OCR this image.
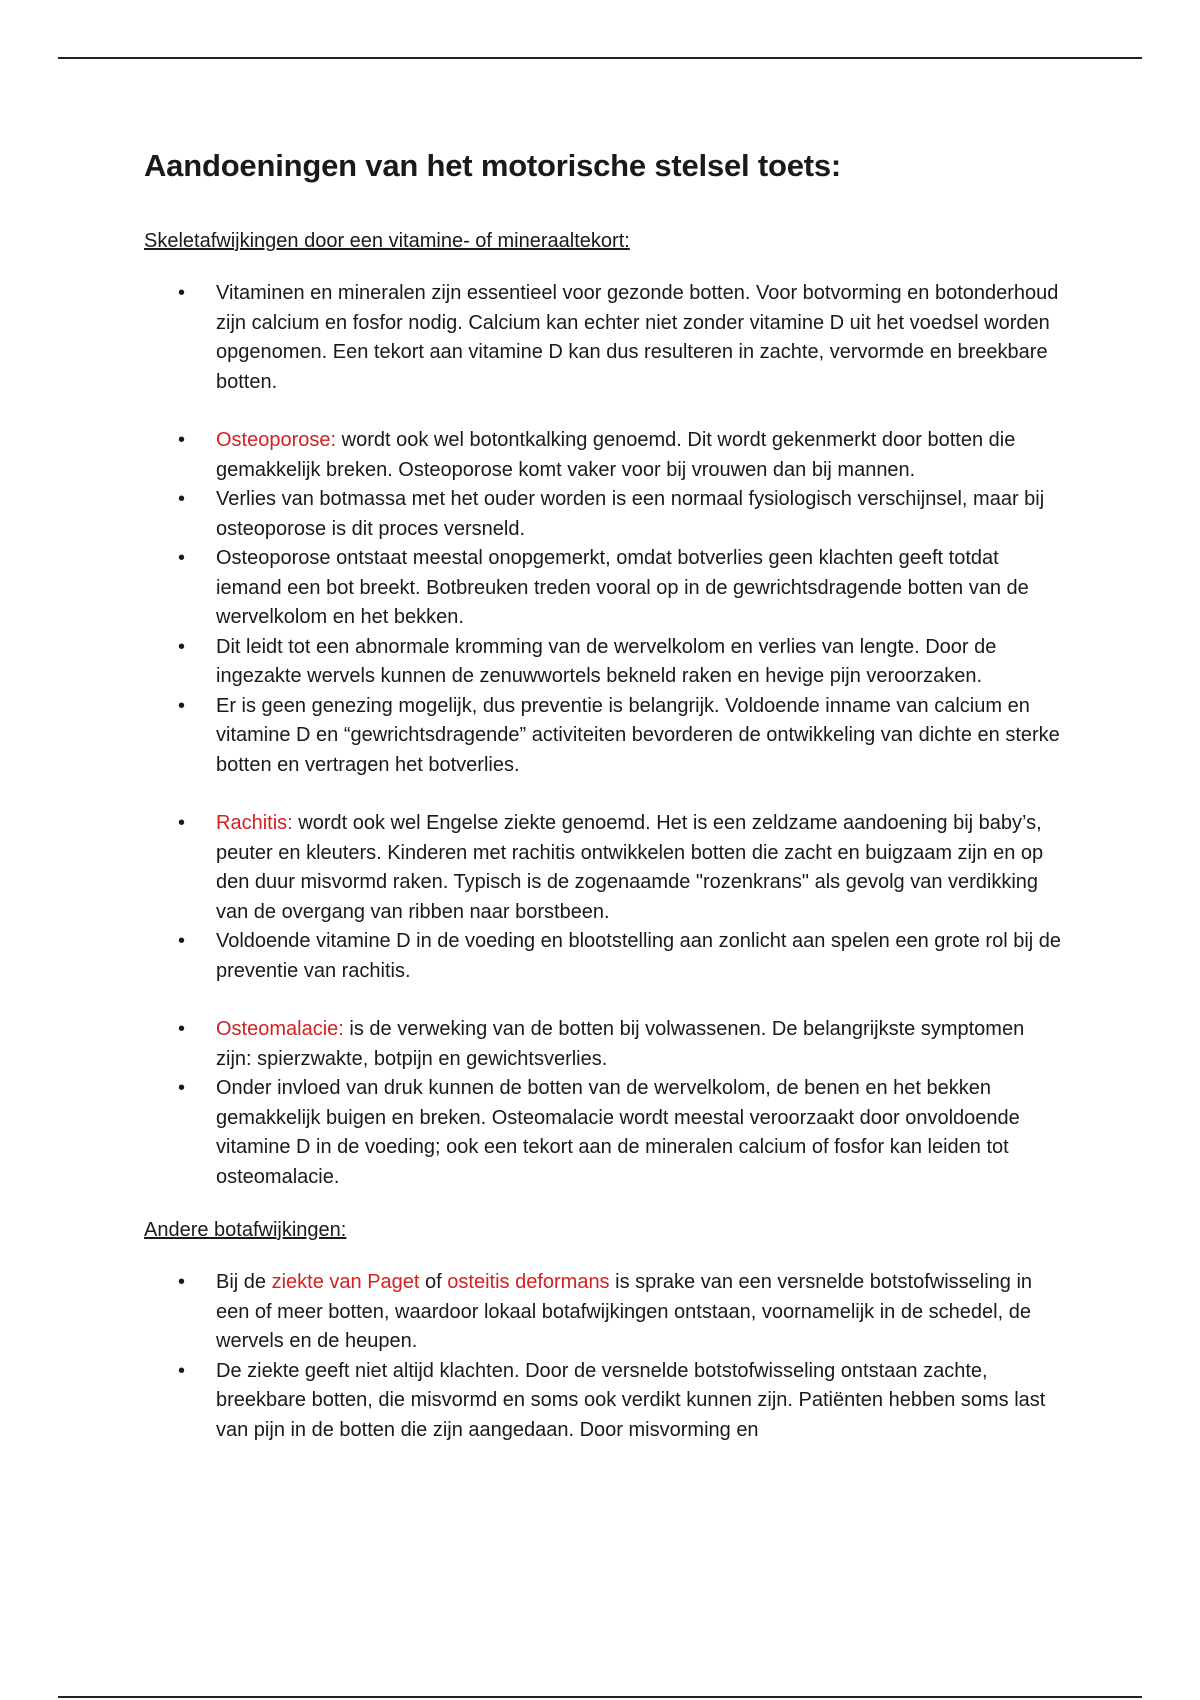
Aandoeningen van het motorische stelsel toets:

Skeletafwijkingen door een vitamine- of mineraaltekort:

• Vitaminen en mineralen zijn essentieel voor gezonde botten. Voor botvorming en botonderhoud zijn calcium en fosfor nodig. Calcium kan echter niet zonder vitamine D uit het voedsel worden opgenomen. Een tekort aan vitamine D kan dus resulteren in zachte, vervormde en breekbare botten.
• Osteoporose: wordt ook wel botontkalking genoemd. Dit wordt gekenmerkt door botten die gemakkelijk breken. Osteoporose komt vaker voor bij vrouwen dan bij mannen.
• Verlies van botmassa met het ouder worden is een normaal fysiologisch verschijnsel, maar bij osteoporose is dit proces versneld.
• Osteoporose ontstaat meestal onopgemerkt, omdat botverlies geen klachten geeft totdat iemand een bot breekt. Botbreuken treden vooral op in de gewrichtsdragende botten van de wervelkolom en het bekken.
• Dit leidt tot een abnormale kromming van de wervelkolom en verlies van lengte. Door de ingezakte wervels kunnen de zenuwwortels bekneld raken en hevige pijn veroorzaken.
• Er is geen genezing mogelijk, dus preventie is belangrijk. Voldoende inname van calcium en vitamine D en “gewrichtsdragende” activiteiten bevorderen de ontwikkeling van dichte en sterke botten en vertragen het botverlies.
• Rachitis: wordt ook wel Engelse ziekte genoemd. Het is een zeldzame aandoening bij baby’s, peuter en kleuters. Kinderen met rachitis ontwikkelen botten die zacht en buigzaam zijn en op den duur misvormd raken. Typisch is de zogenaamde "rozenkrans" als gevolg van verdikking van de overgang van ribben naar borstbeen.
• Voldoende vitamine D in de voeding en blootstelling aan zonlicht aan spelen een grote rol bij de preventie van rachitis.
• Osteomalacie: is de verweking van de botten bij volwassenen. De belangrijkste symptomen zijn: spierzwakte, botpijn en gewichtsverlies.
• Onder invloed van druk kunnen de botten van de wervelkolom, de benen en het bekken gemakkelijk buigen en breken. Osteomalacie wordt meestal veroorzaakt door onvoldoende vitamine D in de voeding; ook een tekort aan de mineralen calcium of fosfor kan leiden tot osteomalacie.

Andere botafwijkingen:

• Bij de ziekte van Paget of osteitis deformans is sprake van een versnelde botstofwisseling in een of meer botten, waardoor lokaal botafwijkingen ontstaan, voornamelijk in de schedel, de wervels en de heupen.
• De ziekte geeft niet altijd klachten. Door de versnelde botstofwisseling ontstaan zachte, breekbare botten, die misvormd en soms ook verdikt kunnen zijn. Patiënten hebben soms last van pijn in de botten die zijn aangedaan. Door misvorming en
